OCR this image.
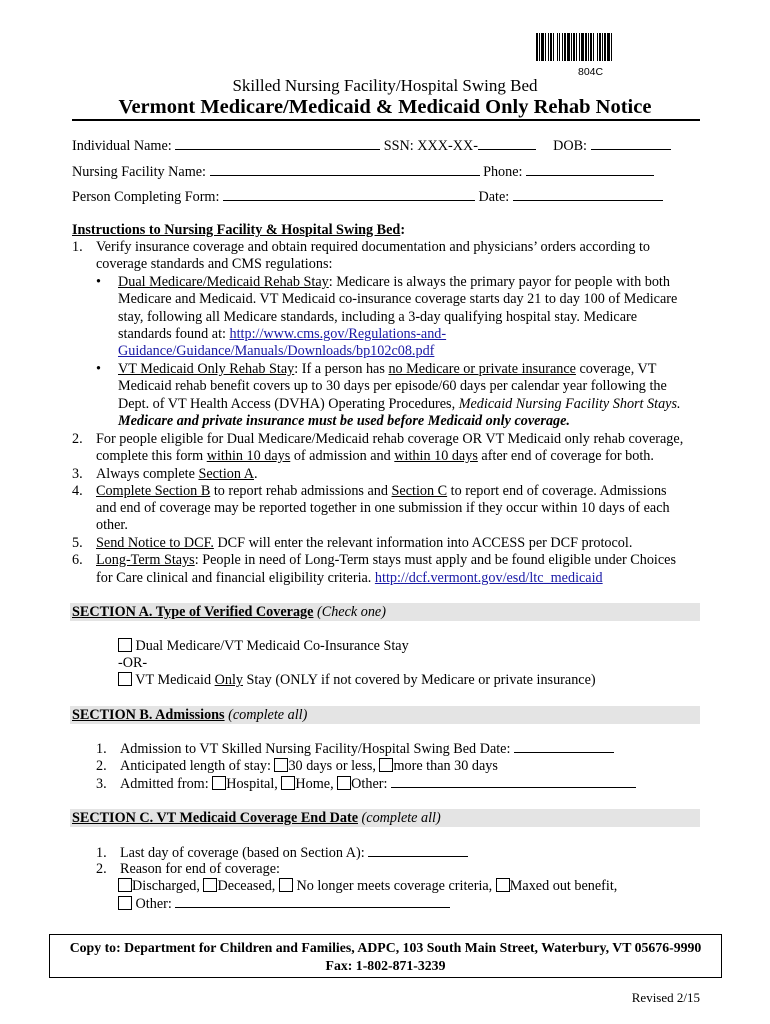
804C
Skilled Nursing Facility/Hospital Swing Bed
Vermont Medicare/Medicaid & Medicaid Only Rehab Notice
Individual Name:	SSN: XXX-XX-	DOB:
Nursing Facility Name:	Phone:
Person Completing Form:	Date:
Instructions to Nursing Facility & Hospital Swing Bed:
1. Verify insurance coverage and obtain required documentation and physicians’ orders according to
coverage standards and CMS regulations:
• Dual Medicare/Medicaid Rehab Stay: Medicare is always the primary payor for people with both
Medicare and Medicaid. VT Medicaid co-insurance coverage starts day 21 to day 100 of Medicare
stay, following all Medicare standards, including a 3-day qualifying hospital stay. Medicare
standards found at: http://www.cms.gov/Regulations-and-
Guidance/Guidance/Manuals/Downloads/bp102c08.pdf
• VT Medicaid Only Rehab Stay: If a person has no Medicare or private insurance coverage, VT
Medicaid rehab benefit covers up to 30 days per episode/60 days per calendar year following the
Dept. of VT Health Access (DVHA) Operating Procedures, Medicaid Nursing Facility Short Stays.
Medicare and private insurance must be used before Medicaid only coverage.
2. For people eligible for Dual Medicare/Medicaid rehab coverage OR VT Medicaid only rehab coverage,
complete this form within 10 days of admission and within 10 days after end of coverage for both.
3. Always complete Section A.
4. Complete Section B to report rehab admissions and Section C to report end of coverage. Admissions
and end of coverage may be reported together in one submission if they occur within 10 days of each
other.
5. Send Notice to DCF. DCF will enter the relevant information into ACCESS per DCF protocol.
6. Long-Term Stays: People in need of Long-Term stays must apply and be found eligible under Choices
for Care clinical and financial eligibility criteria. http://dcf.vermont.gov/esd/ltc_medicaid
SECTION A. Type of Verified Coverage (Check one)
Dual Medicare/VT Medicaid Co-Insurance Stay
-OR-
VT Medicaid Only Stay (ONLY if not covered by Medicare or private insurance)
SECTION B. Admissions (complete all)
1. Admission to VT Skilled Nursing Facility/Hospital Swing Bed Date:
2. Anticipated length of stay: 30 days or less, more than 30 days
3. Admitted from: Hospital, Home, Other:
SECTION C. VT Medicaid Coverage End Date (complete all)
1. Last day of coverage (based on Section A):
2. Reason for end of coverage:
Discharged, Deceased, No longer meets coverage criteria, Maxed out benefit,
Other:
Copy to: Department for Children and Families, ADPC, 103 South Main Street, Waterbury, VT 05676-9990
Fax: 1-802-871-3239
Revised 2/15
